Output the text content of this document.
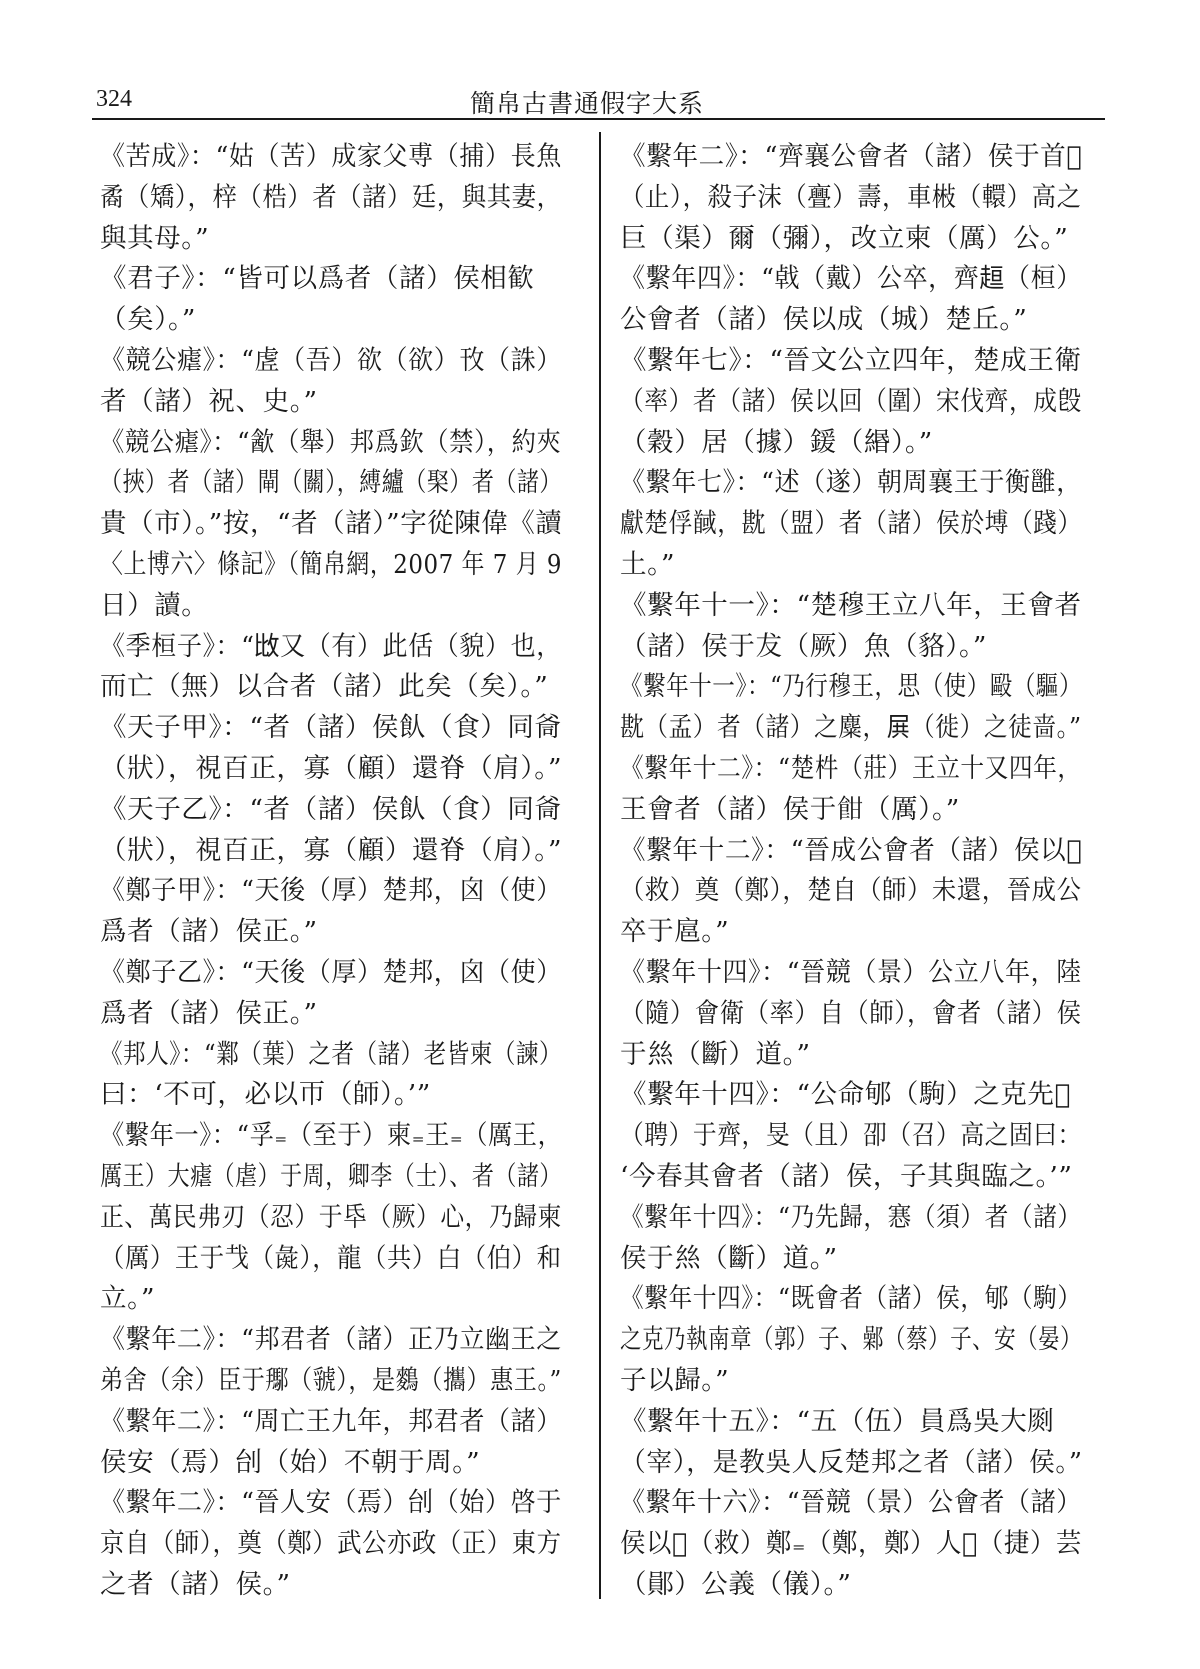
324	簡帛古書通假字大系
《苦成》：“姑（苦）成家父尃（捕）長魚
矞（矯），梓（梏）者（諸）廷，與其妻，
與其母。”
《君子》：“皆可以爲者（諸）侯相歓
（矣）。”
《競公瘧》：“虗（吾）欲（欲）攼（誅）
者（諸）祝、史。”
《競公瘧》：“㱃（舉）邦爲欽（禁），約夾
（挾）者（諸）閘（關），縛纑（棸）者（諸）
貴（市）。”按，“者（諸）”字從陳偉《讀
〈上博六〉條記》（簡帛網，2007 年 7 月 9
日）讀。
《季桓子》：“𢻹又（有）此佸（貌）也，
而亡（無）以合者（諸）此矣（矣）。”
《天子甲》：“者（諸）侯飤（食）同㸗
（狀），視百正，寡（顧）還脊（肩）。”
《天子乙》：“者（諸）侯飤（食）同㸗
（狀），視百正，寡（顧）還脊（肩）。”
《鄭子甲》：“天後（厚）楚邦，囟（使）
爲者（諸）侯正。”
《鄭子乙》：“天後（厚）楚邦，囟（使）
爲者（諸）侯正。”
《邦人》：“鄴（葉）之者（諸）老皆柬（諫）
曰：‘不可，必以帀（師）。’”
《繫年一》：“孚₌（至于）柬₌王₌（厲王，
厲王）大瘧（虐）于周，卿李（士）、者（諸）
正、萬民弗刃（忍）于氒（厥）心，乃歸柬
（厲）王于𢦏（彘），龍（共）白（伯）和
立。”
《繫年二》：“邦君者（諸）正乃立幽王之
弟舍（余）臣于𨞲（虢），是𪄳（攜）惠王。”
《繫年二》：“周亡王九年，邦君者（諸）
侯安（焉）刣（始）不朝于周。”
《繫年二》：“晉人安（焉）刣（始）啓于
京自（師），奠（鄭）武公亦政（正）東方
之者（諸）侯。”
《繫年二》：“齊襄公會者（諸）侯于首𣥠
（止），殺子沫（亹）壽，車㪔（轘）高之
巨（渠）爾（彌），改立柬（厲）公。”
《繫年四》：“㦸（戴）公卒，齊𧻚（桓）
公會者（諸）侯以成（城）楚丘。”
《繫年七》：“晉文公立四年，楚成王衛
（率）者（諸）侯以回（圍）宋伐齊，成𣪘
（穀）居（據）鍰（緡）。”
《繫年七》：“述（遂）朝周襄王于衡雝，
獻楚俘馘，㽎（盟）者（諸）侯於㙛（踐）
土。”
《繫年十一》：“楚穆王立八年，王會者
（諸）侯于犮（厥）魚（貉）。”
《繫年十一》：“乃行穆王，思（使）毆（驅）
㽎（孟）者（諸）之麋，𡱒（徙）之徒啬。”
《繫年十二》：“楚㭌（莊）王立十又四年，
王會者（諸）侯于𩚵（厲）。”
《繫年十二》：“晉成公會者（諸）侯以𢼸
（救）奠（鄭），楚自（師）未還，晉成公
卒于扈。”
《繫年十四》：“晉競（景）公立八年，陸
（隨）會衛（率）自（師），會者（諸）侯
于𢇁（斷）道。”
《繫年十四》：“公命郇（駒）之克先𠳒
（聘）于齊，旻（且）卲（召）高之固曰：
‘今春其會者（諸）侯，子其與臨之。’”
《繫年十四》：“乃先歸，㥶（須）者（諸）
侯于𢇁（斷）道。”
《繫年十四》：“既會者（諸）侯，郇（駒）
之克乃執南章（郭）子、鄵（蔡）子、安（晏）
子以歸。”
《繫年十五》：“五（伍）員爲吳大㓹
（宰），是教吳人反楚邦之者（諸）侯。”
《繫年十六》：“晉競（景）公會者（諸）
侯以𢼸（救）鄭₌（鄭，鄭）人𢧵（捷）芸
（鄖）公義（儀）。”
